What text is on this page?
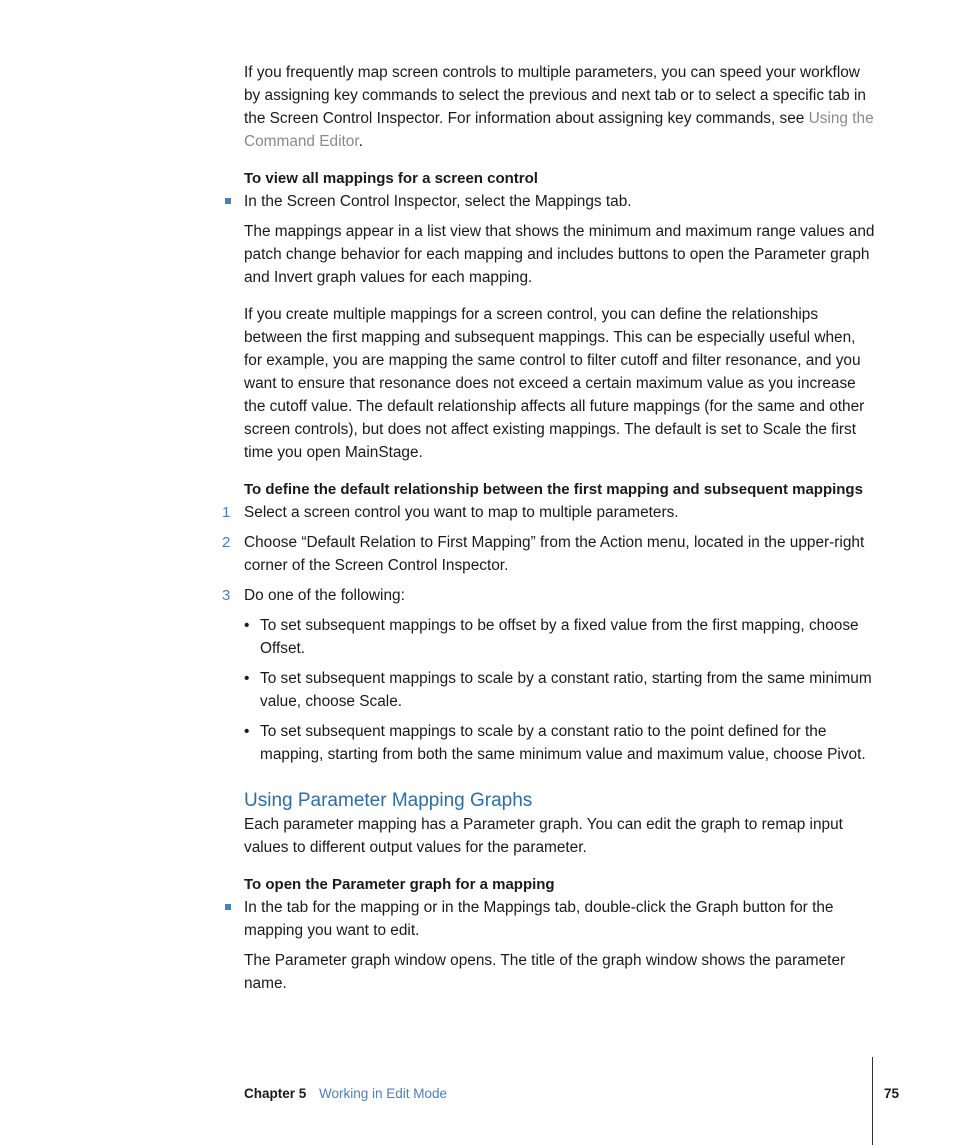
If you frequently map screen controls to multiple parameters, you can speed your workflow by assigning key commands to select the previous and next tab or to select a specific tab in the Screen Control Inspector. For information about assigning key commands, see Using the Command Editor.

To view all mappings for a screen control

In the Screen Control Inspector, select the Mappings tab.

The mappings appear in a list view that shows the minimum and maximum range values and patch change behavior for each mapping and includes buttons to open the Parameter graph and Invert graph values for each mapping.

If you create multiple mappings for a screen control, you can define the relationships between the first mapping and subsequent mappings. This can be especially useful when, for example, you are mapping the same control to filter cutoff and filter resonance, and you want to ensure that resonance does not exceed a certain maximum value as you increase the cutoff value. The default relationship affects all future mappings (for the same and other screen controls), but does not affect existing mappings. The default is set to Scale the first time you open MainStage.

To define the default relationship between the first mapping and subsequent mappings

1 Select a screen control you want to map to multiple parameters.
2 Choose “Default Relation to First Mapping” from the Action menu, located in the upper-right corner of the Screen Control Inspector.
3 Do one of the following:
• To set subsequent mappings to be offset by a fixed value from the first mapping, choose Offset.
• To set subsequent mappings to scale by a constant ratio, starting from the same minimum value, choose Scale.
• To set subsequent mappings to scale by a constant ratio to the point defined for the mapping, starting from both the same minimum value and maximum value, choose Pivot.

Using Parameter Mapping Graphs

Each parameter mapping has a Parameter graph. You can edit the graph to remap input values to different output values for the parameter.

To open the Parameter graph for a mapping

In the tab for the mapping or in the Mappings tab, double-click the Graph button for the mapping you want to edit.

The Parameter graph window opens. The title of the graph window shows the parameter name.

Chapter 5 Working in Edit Mode	75
